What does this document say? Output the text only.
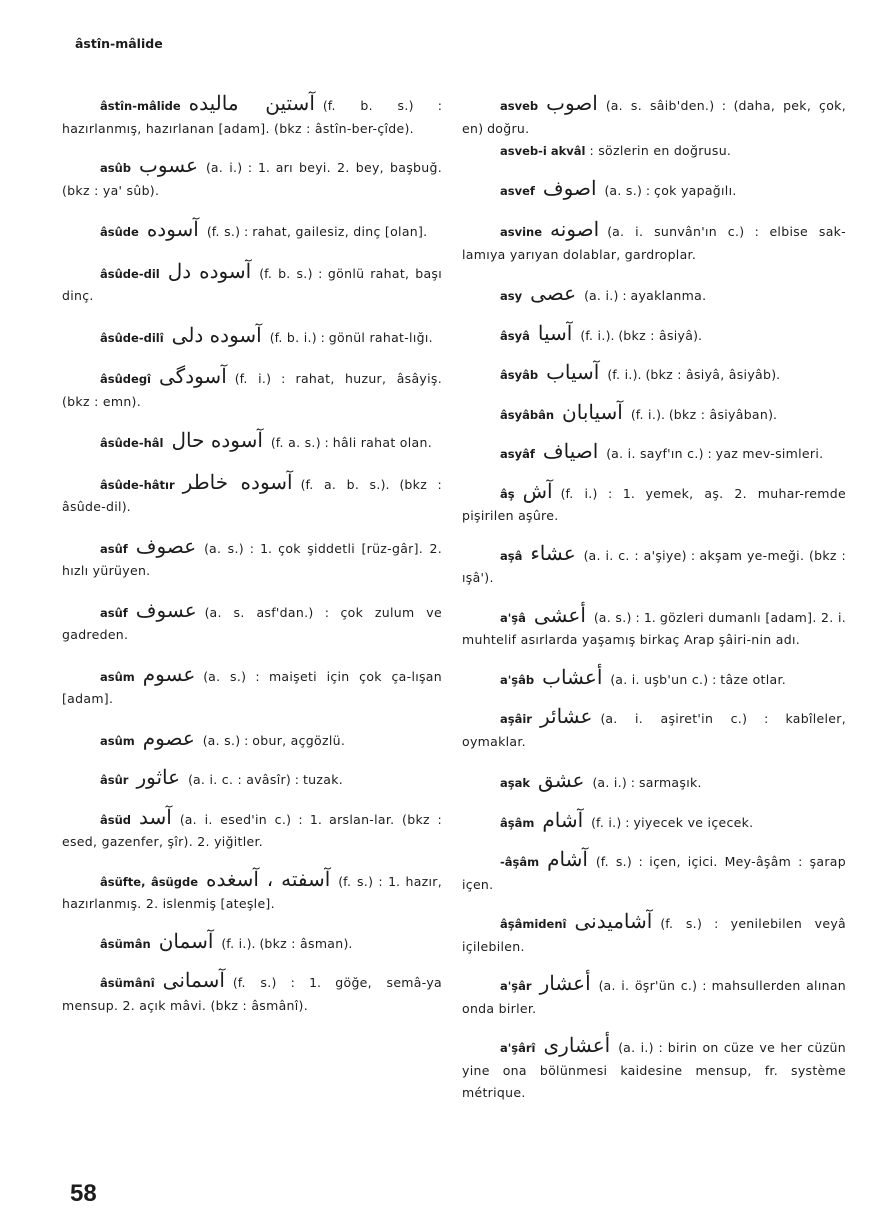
âstîn-mâlide
âstîn-mâlide آستين ماليده (f. b. s.) : hazırlanmış, hazırlanan [adam]. (bkz : âstîn-ber-çîde).
asûb عسوب (a. i.) : 1. arı beyi. 2. bey, başbuğ. (bkz : ya' sûb).
âsûde آسوده (f. s.) : rahat, gailesiz, dinç [olan].
âsûde-dil آسوده دل (f. b. s.) : gönlü rahat, başı dinç.
âsûde-dilî آسوده دلى (f. b. i.) : gönül rahat-lığı.
âsûdegî آسودگى (f. i.) : rahat, huzur, âsâyiş. (bkz : emn).
âsûde-hâl آسوده حال (f. a. s.) : hâli rahat olan.
âsûde-hâtır آسوده خاطر (f. a. b. s.). (bkz : âsûde-dil).
asûf عصوف (a. s.) : 1. çok şiddetli [rüz-gâr]. 2. hızlı yürüyen.
asûf عسوف (a. s. asf'dan.) : çok zulum ve gadreden.
asûm عسوم (a. s.) : maişeti için çok ça-lışan [adam].
asûm عصوم (a. s.) : obur, açgözlü.
âsûr عاثور (a. i. c. : avâsîr) : tuzak.
âsüd آسد (a. i. esed'in c.) : 1. arslan-lar. (bkz : esed, gazenfer, şîr). 2. yiğitler.
âsüfte, âsügde آسفته ، آسغده (f. s.) : 1. hazır, hazırlanmış. 2. islenmiş [ateşle].
âsümân آسمان (f. i.). (bkz : âsman).
âsümânî آسمانى (f. s.) : 1. göğe, semâ-ya mensup. 2. açık mâvi. (bkz : âsmânî).
asveb اصوب (a. s. sâib'den.) : (daha, pek, çok, en) doğru.
asveb-i akvâl : sözlerin en doğrusu.
asvef اصوف (a. s.) : çok yapağılı.
asvine اصونه (a. i. sunvân'ın c.) : elbise sak-lamıya yarıyan dolablar, gardroplar.
asy عصى (a. i.) : ayaklanma.
âsyâ آسيا (f. i.). (bkz : âsiyâ).
âsyâb آسياب (f. i.). (bkz : âsiyâ, âsiyâb).
âsyâbân آسيابان (f. i.). (bkz : âsiyâban).
asyâf اصياف (a. i. sayf'ın c.) : yaz mev-simleri.
âş آش (f. i.) : 1. yemek, aş. 2. muhar-remde pişirilen aşûre.
aşâ عشاء (a. i. c. : a'şiye) : akşam ye-meği. (bkz : ışâ').
a'şâ أعشى (a. s.) : 1. gözleri dumanlı [adam]. 2. i. muhtelif asırlarda yaşamış birkaç Arap şâiri-nin adı.
a'şâb أعشاب (a. i. uşb'un c.) : tâze otlar.
aşâir عشائر (a. i. aşiret'in c.) : kabîleler, oymaklar.
aşak عشق (a. i.) : sarmaşık.
âşâm آشام (f. i.) : yiyecek ve içecek.
-âşâm آشام (f. s.) : içen, içici. Mey-âşâm : şarap içen.
âşâmidenî آشاميدنى (f. s.) : yenilebilen veyâ içilebilen.
a'şâr أعشار (a. i. öşr'ün c.) : mahsullerden alınan onda birler.
a'şârî أعشارى (a. i.) : birin on cüze ve her cüzün yine ona bölünmesi kaidesine mensup, fr. système métrique.
58
